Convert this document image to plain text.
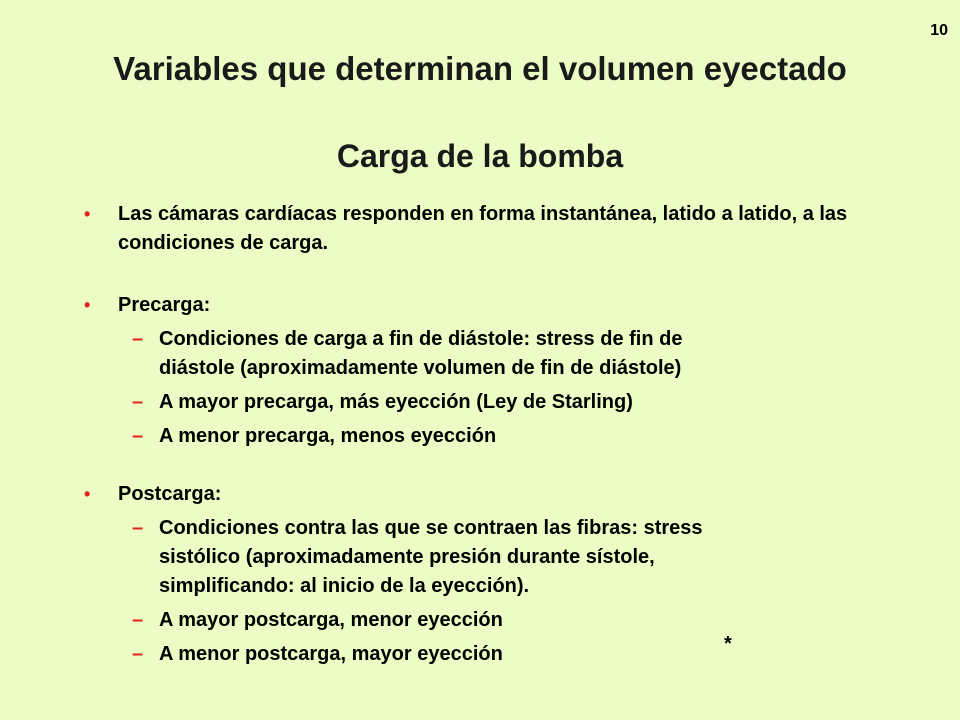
10
Variables que determinan el volumen eyectado
Carga de la bomba
• Las cámaras cardíacas responden en forma instantánea, latido a latido, a las condiciones de carga.
• Precarga:
– Condiciones de carga a fin de diástole: stress de fin de diástole (aproximadamente volumen de fin de diástole)
– A mayor precarga, más eyección (Ley de Starling)
– A menor precarga, menos eyección
• Postcarga:
– Condiciones contra las que se contraen las fibras: stress sistólico (aproximadamente presión durante sístole, simplificando: al inicio de la eyección).
– A mayor postcarga, menor eyección
– A menor postcarga, mayor eyección	*
